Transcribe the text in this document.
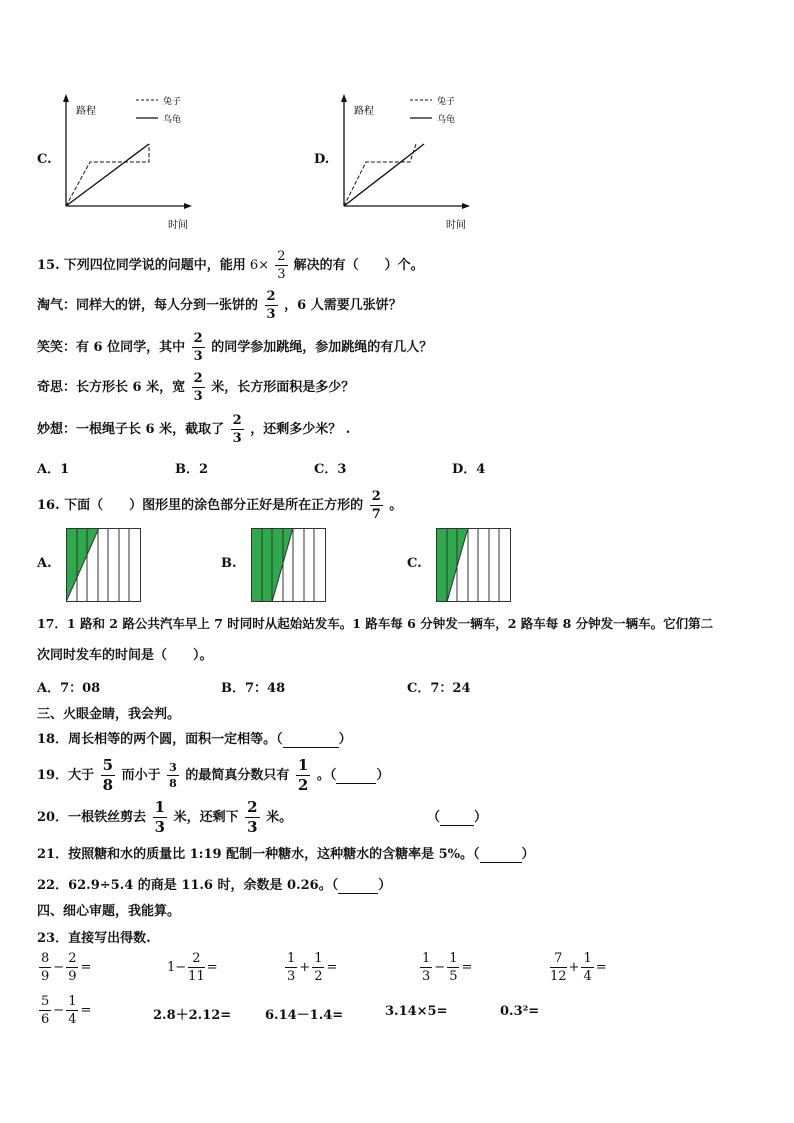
C.
路程
时间
兔子
乌龟
D.
路程
时间
兔子
乌龟
15. 下列四位同学说的问题中，能用 $6\times \frac{2}{3}$ 解决的有（　　）个。
淘气：同样大的饼，每人分到一张饼的 $\frac{2}{3}$ ，6 人需要几张饼？
笑笑：有 6 位同学，其中 $\frac{2}{3}$ 的同学参加跳绳，参加跳绳的有几人？
奇思：长方形长 6 米，宽 $\frac{2}{3}$ 米，长方形面积是多少？
妙想：一根绳子长 6 米，截取了 $\frac{2}{3}$ ，还剩多少米？ .
A．1	B．2	C．3	D．4
16. 下面（　　）图形里的涂色部分正好是所在正方形的 $\frac{2}{7}$ 。
A.	B.	C.
17．1 路和 2 路公共汽车早上 7 时同时从起始站发车。1 路车每 6 分钟发一辆车，2 路车每 8 分钟发一辆车。它们第二
次同时发车的时间是（　　）。
A．7：08	B．7：48	C．7：24
三、火眼金睛，我会判。
18．周长相等的两个圆，面积一定相等。（	）
19．大于 $\frac{5}{8}$ 而小于 $\frac{3}{8}$ 的最简真分数只有 $\frac{1}{2}$ 。（	）
20．一根铁丝剪去 $\frac{1}{3}$ 米，还剩下 $\frac{2}{3}$ 米。	（	）
21．按照糖和水的质量比 1:19 配制一种糖水，这种糖水的含糖率是 5%。（	）
22．62.9÷5.4 的商是 11.6 时，余数是 0.26。（	）
四、细心审题，我能算。
23．直接写出得数.
$\frac{8}{9} - \frac{2}{9}$ =	$1- \frac{2}{11}$ =	$\frac{1}{3} + \frac{1}{2}$ =	$\frac{1}{3} - \frac{1}{5}$ =	$\frac{7}{12} + \frac{1}{4}$ =
$\frac{5}{6} - \frac{1}{4}$ =	2.8＋2.12=	6.14－1.4=	3.14×5=	0.3²=
